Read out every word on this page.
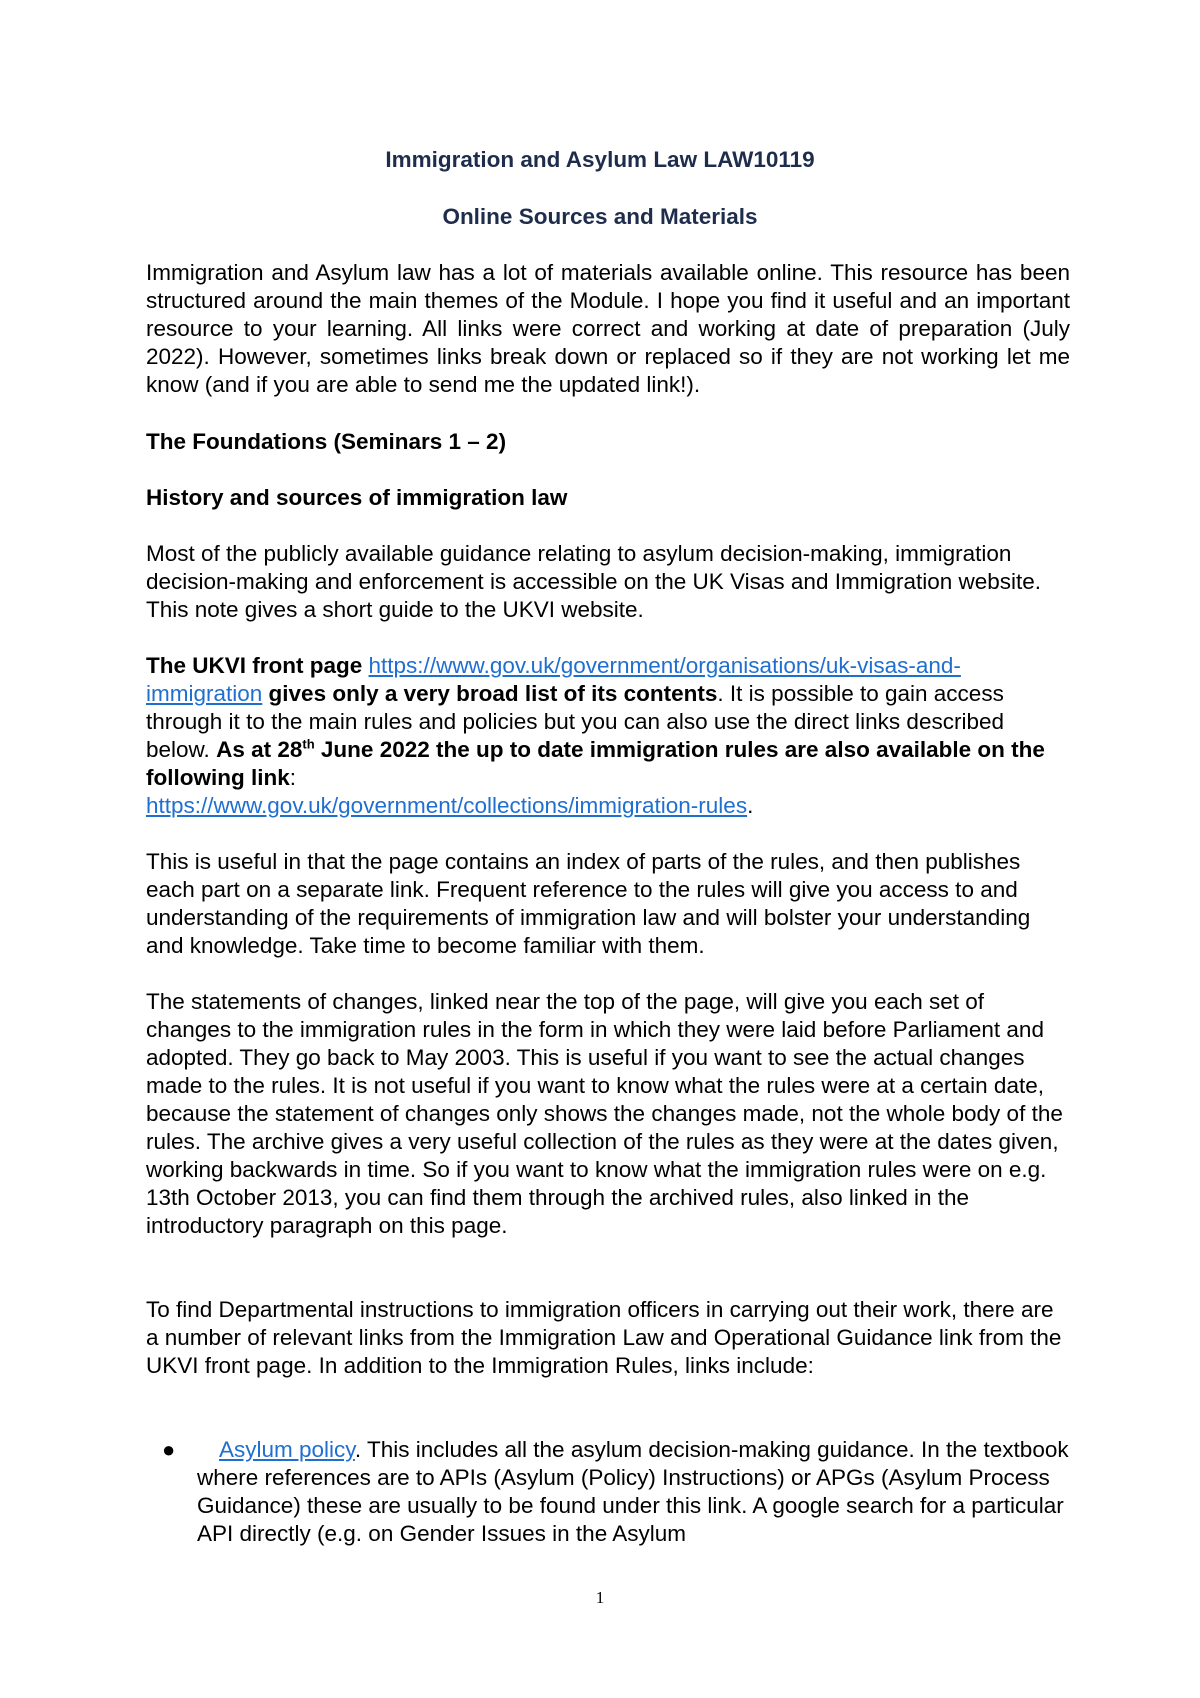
Immigration and Asylum Law LAW10119
Online Sources and Materials

Immigration and Asylum law has a lot of materials available online. This resource has been structured around the main themes of the Module. I hope you find it useful and an important resource to your learning. All links were correct and working at date of preparation (July 2022). However, sometimes links break down or replaced so if they are not working let me know (and if you are able to send me the updated link!).

The Foundations (Seminars 1 – 2)

History and sources of immigration law

Most of the publicly available guidance relating to asylum decision-making, immigration decision-making and enforcement is accessible on the UK Visas and Immigration website. This note gives a short guide to the UKVI website.

The UKVI front page https://www.gov.uk/government/organisations/uk-visas-and-immigration gives only a very broad list of its contents. It is possible to gain access through it to the main rules and policies but you can also use the direct links described below. As at 28th June 2022 the up to date immigration rules are also available on the following link:
https://www.gov.uk/government/collections/immigration-rules.

This is useful in that the page contains an index of parts of the rules, and then publishes each part on a separate link. Frequent reference to the rules will give you access to and understanding of the requirements of immigration law and will bolster your understanding and knowledge. Take time to become familiar with them.

The statements of changes, linked near the top of the page, will give you each set of changes to the immigration rules in the form in which they were laid before Parliament and adopted. They go back to May 2003. This is useful if you want to see the actual changes made to the rules. It is not useful if you want to know what the rules were at a certain date, because the statement of changes only shows the changes made, not the whole body of the rules. The archive gives a very useful collection of the rules as they were at the dates given, working backwards in time. So if you want to know what the immigration rules were on e.g. 13th October 2013, you can find them through the archived rules, also linked in the introductory paragraph on this page.

To find Departmental instructions to immigration officers in carrying out their work, there are a number of relevant links from the Immigration Law and Operational Guidance link from the UKVI front page. In addition to the Immigration Rules, links include:

●	Asylum policy. This includes all the asylum decision-making guidance. In the textbook where references are to APIs (Asylum (Policy) Instructions) or APGs (Asylum Process Guidance) these are usually to be found under this link. A google search for a particular API directly (e.g. on Gender Issues in the Asylum

1
